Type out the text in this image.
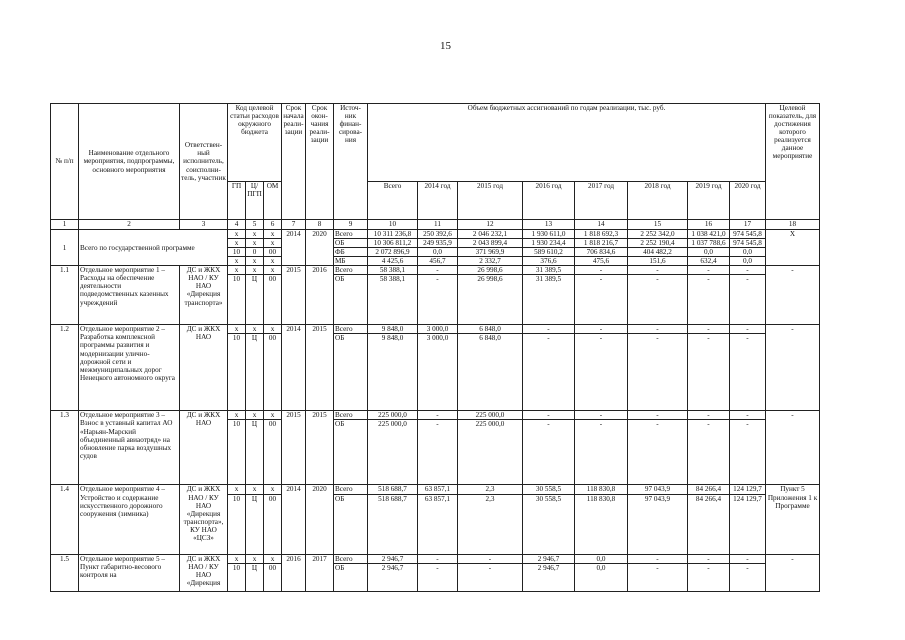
15
№ п/п	Наименование отдельного мероприятия, подпрограммы, основного мероприятия	Ответствен-ный исполнитель, соисполни-тель, участник	Код целевой статьи расходов окружного бюджета			Срок начала реали-зации	Срок окон-чания реали-зации	Источ-ник финан-сирова-ния	Объем бюджетных ассигнований по годам реализации, тыс. руб.								Целевой показатель, для достижения которого реализуется данное мероприятие
			ГП	Ц/ ПГП	ОМ				Всего	2014 год	2015 год	2016 год	2017 год	2018 год	2019 год	2020 год	
1	2	3	4	5	6	7	8	9	10	11	12	13	14	15	16	17	18
1	Всего по государственной программе		х	х	х	2014	2020	Всего	10 311 236,8	250 392,6	2 046 232,1	1 930 611,0	1 818 692,3	2 252 342,0	1 038 421,0	974 545,8	Х
			х	х	х			ОБ	10 306 811,2	249 935,9	2 043 899,4	1 930 234,4	1 818 216,7	2 252 190,4	1 037 788,6	974 545,8	
			10	0	00			ФБ	2 072 896,9	0,0	371 969,9	589 610,2	706 834,6	404 482,2	0,0	0,0	
			х	х	х			МБ	4 425,6	456,7	2 332,7	376,6	475,6	151,6	632,4	0,0	
1.1	Отдельное мероприятие 1 – Расходы на обеспечение деятельности подведомственных казенных учреждений	ДС и ЖКХ НАО / КУ НАО «Дирекция транспорта»	х	х	х	2015	2016	Всего	58 388,1	-	26 998,6	31 389,5	-	-	-	-	-
			10	Ц	00			ОБ	58 388,1	-	26 998,6	31 389,5	-	-	-	-	
1.2	Отдельное мероприятие 2 – Разработка комплексной программы развития и модернизации улично-дорожной сети и межмуниципальных дорог Ненецкого автономного округа	ДС и ЖКХ НАО	х	х	х	2014	2015	Всего	9 848,0	3 000,0	6 848,0	-	-	-	-	-	-
			10	Ц	00			ОБ	9 848,0	3 000,0	6 848,0	-	-	-	-	-	
1.3	Отдельное мероприятие 3 – Взнос в уставный капитал АО «Нарьян-Марский объединенный авиаотряд» на обновление парка воздушных судов	ДС и ЖКХ НАО	х	х	х	2015	2015	Всего	225 000,0	-	225 000,0	-	-	-	-	-	-
			10	Ц	00			ОБ	225 000,0	-	225 000,0	-	-	-	-	-	
1.4	Отдельное мероприятие 4 – Устройство и содержание искусственного дорожного сооружения (зимника)	ДС и ЖКХ НАО / КУ НАО «Дирекция транспорта», КУ НАО «ЦСЗ»	х	х	х	2014	2020	Всего	518 688,7	63 857,1	2,3	30 558,5	118 830,8	97 043,9	84 266,4	124 129,7	Пункт 5 Приложения 1 к Программе
			10	Ц	00			ОБ	518 688,7	63 857,1	2,3	30 558,5	118 830,8	97 043,9	84 266,4	124 129,7	
1.5	Отдельное мероприятие 5 – Пункт габаритно-весового контроля на	ДС и ЖКХ НАО / КУ НАО «Дирекция	х	х	х	2016	2017	Всего	2 946,7	-	-	2 946,7	0,0	-	-	-	-
			10	Ц	00			ОБ	2 946,7	-	-	2 946,7	0,0	-	-	-	
